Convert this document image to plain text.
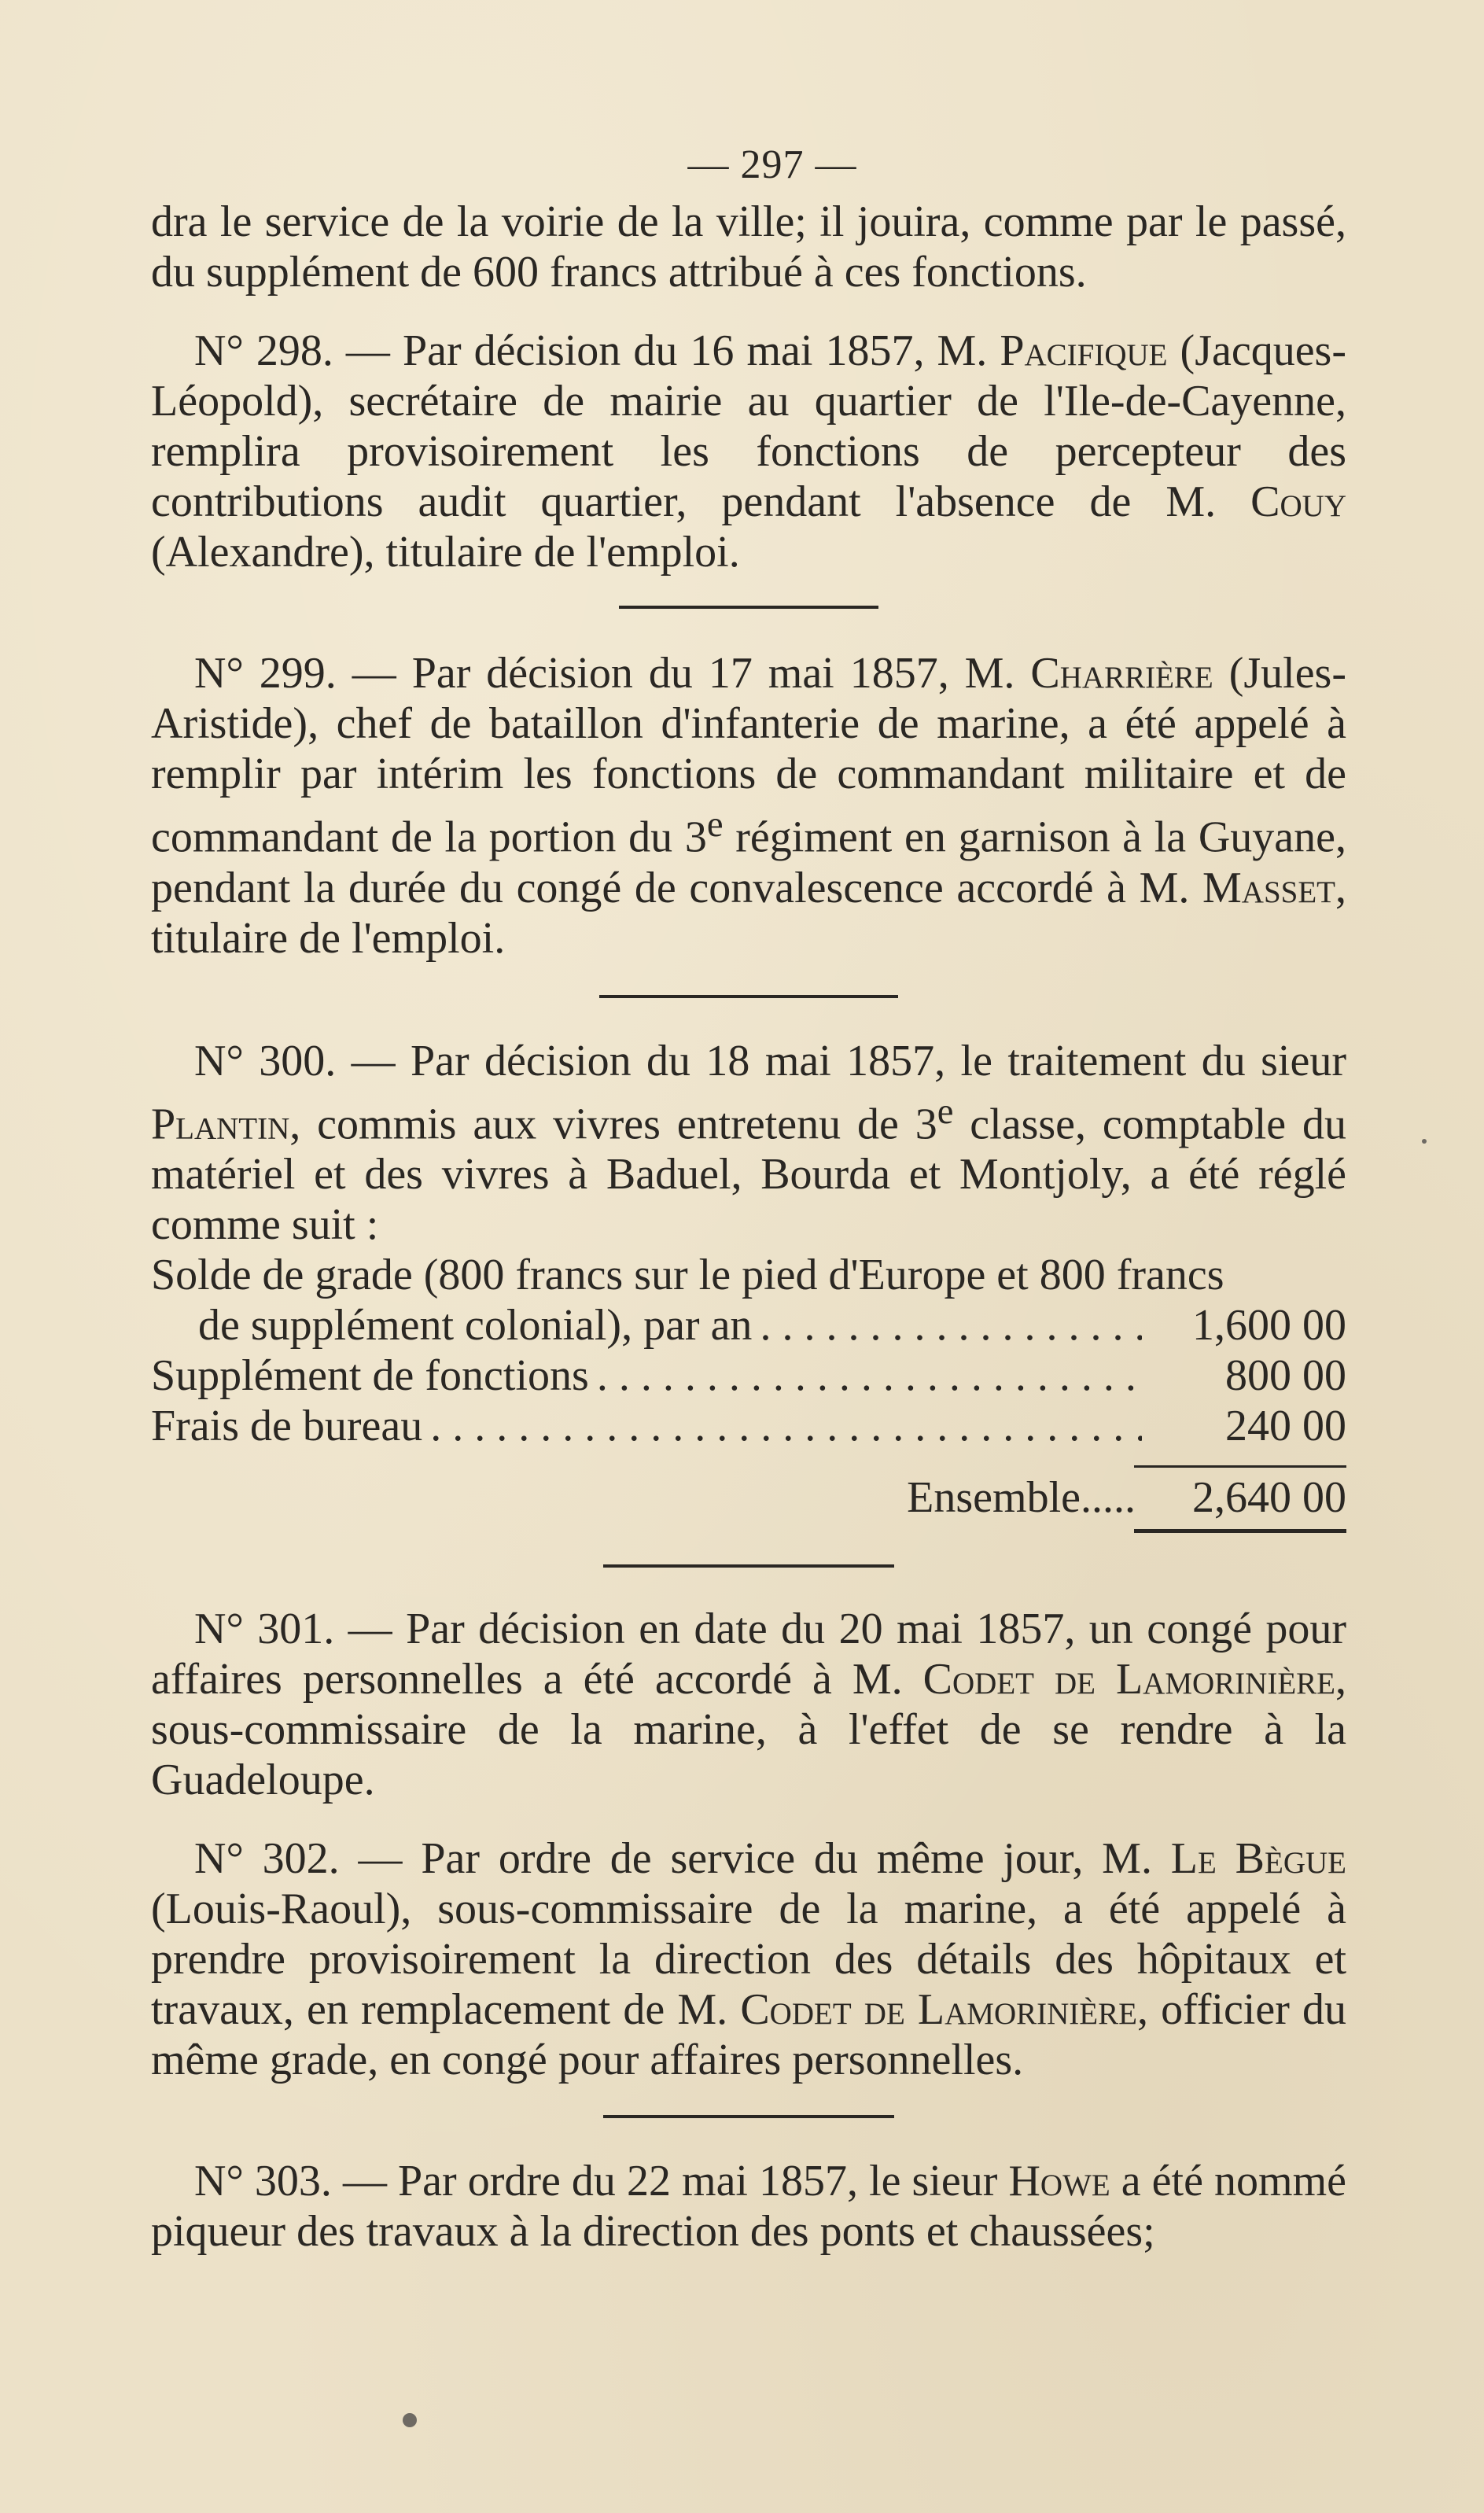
— 297 —

dra le service de la voirie de la ville; il jouira, comme par le passé, du supplément de 600 francs attribué à ces fonctions.

N° 298. — Par décision du 16 mai 1857, M. Pacifique (Jacques-Léopold), secrétaire de mairie au quartier de l'Ile-de-Cayenne, remplira provisoirement les fonctions de percepteur des contributions audit quartier, pendant l'absence de M. Couy (Alexandre), titulaire de l'emploi.

N° 299. — Par décision du 17 mai 1857, M. Charrière (Jules-Aristide), chef de bataillon d'infanterie de marine, a été appelé à remplir par intérim les fonctions de commandant militaire et de commandant de la portion du 3e régiment en garnison à la Guyane, pendant la durée du congé de convalescence accordé à M. Masset, titulaire de l'emploi.

N° 300. — Par décision du 18 mai 1857, le traitement du sieur Plantin, commis aux vivres entretenu de 3e classe, comptable du matériel et des vivres à Baduel, Bourda et Montjoly, a été réglé comme suit :

Solde de grade (800 francs sur le pied d'Europe et 800 francs
de supplément colonial), par an . . .	1,600 00
Supplément de fonctions . . .	800 00
Frais de bureau . . .	240 00
Ensemble.....	2,640 00

N° 301. — Par décision en date du 20 mai 1857, un congé pour affaires personnelles a été accordé à M. Codet de Lamorinière, sous-commissaire de la marine, à l'effet de se rendre à la Guadeloupe.

N° 302. — Par ordre de service du même jour, M. Le Bègue (Louis-Raoul), sous-commissaire de la marine, a été appelé à prendre provisoirement la direction des détails des hôpitaux et travaux, en remplacement de M. Codet de Lamorinière, officier du même grade, en congé pour affaires personnelles.

N° 303. — Par ordre du 22 mai 1857, le sieur Howe a été nommé piqueur des travaux à la direction des ponts et chaussées;
